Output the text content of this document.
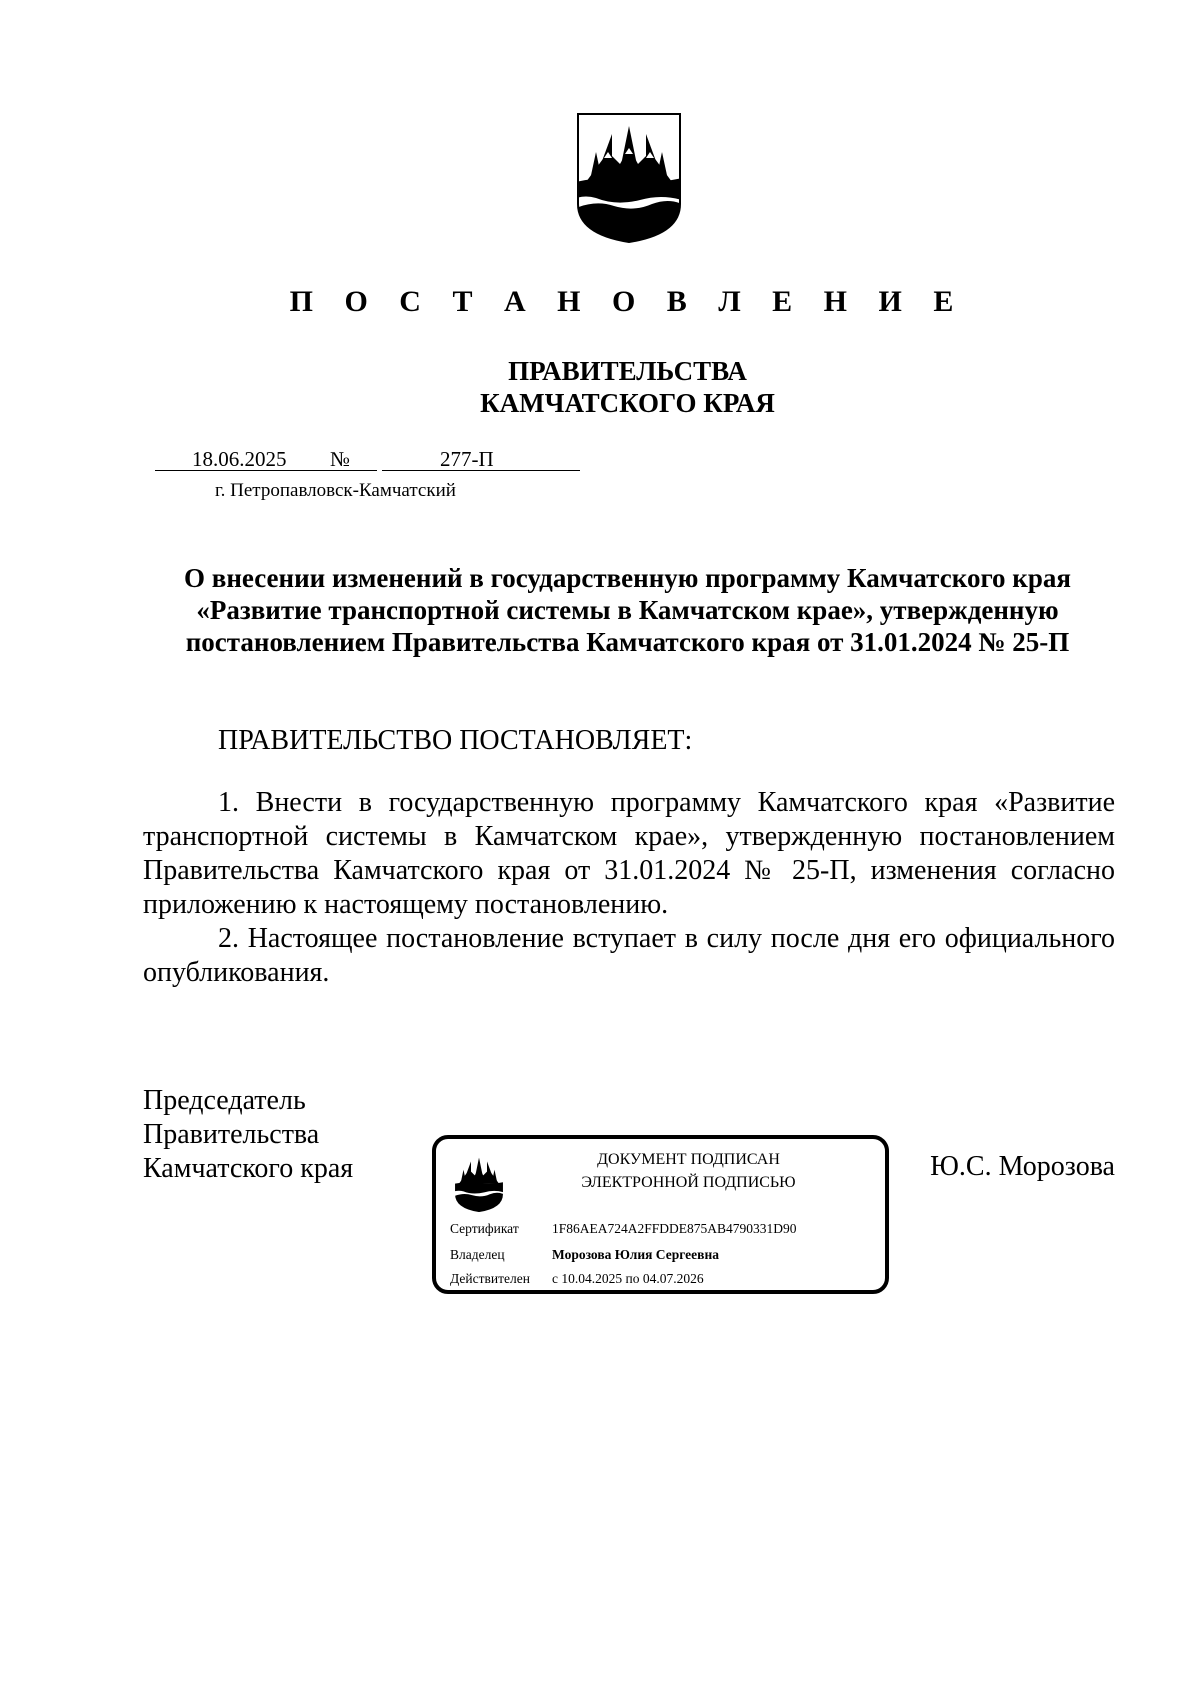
П О С Т А Н О В Л Е Н И Е
ПРАВИТЕЛЬСТВА
КАМЧАТСКОГО КРАЯ
18.06.2025 №	277-П
г. Петропавловск-Камчатский
О внесении изменений в государственную программу Камчатского края
«Развитие транспортной системы в Камчатском крае», утвержденную
постановлением Правительства Камчатского края от 31.01.2024 № 25-П
ПРАВИТЕЛЬСТВО ПОСТАНОВЛЯЕТ:

1. Внести в государственную программу Камчатского края «Развитие транспортной системы в Камчатском крае», утвержденную постановлением Правительства Камчатского края от 31.01.2024 № 25-П, изменения согласно приложению к настоящему постановлению.

2. Настоящее постановление вступает в силу после дня его официального опубликования.

Председатель
Правительства
Камчатского края	ДОКУМЕНТ ПОДПИСАН
ЭЛЕКТРОННОЙ ПОДПИСЬЮ
Сертификат 1F86AEA724A2FFDDE875AB4790331D90
Владелец	Морозова Юлия Сергеевна
Действителен с 10.04.2025 по 04.07.2026
Ю.С. Морозова
